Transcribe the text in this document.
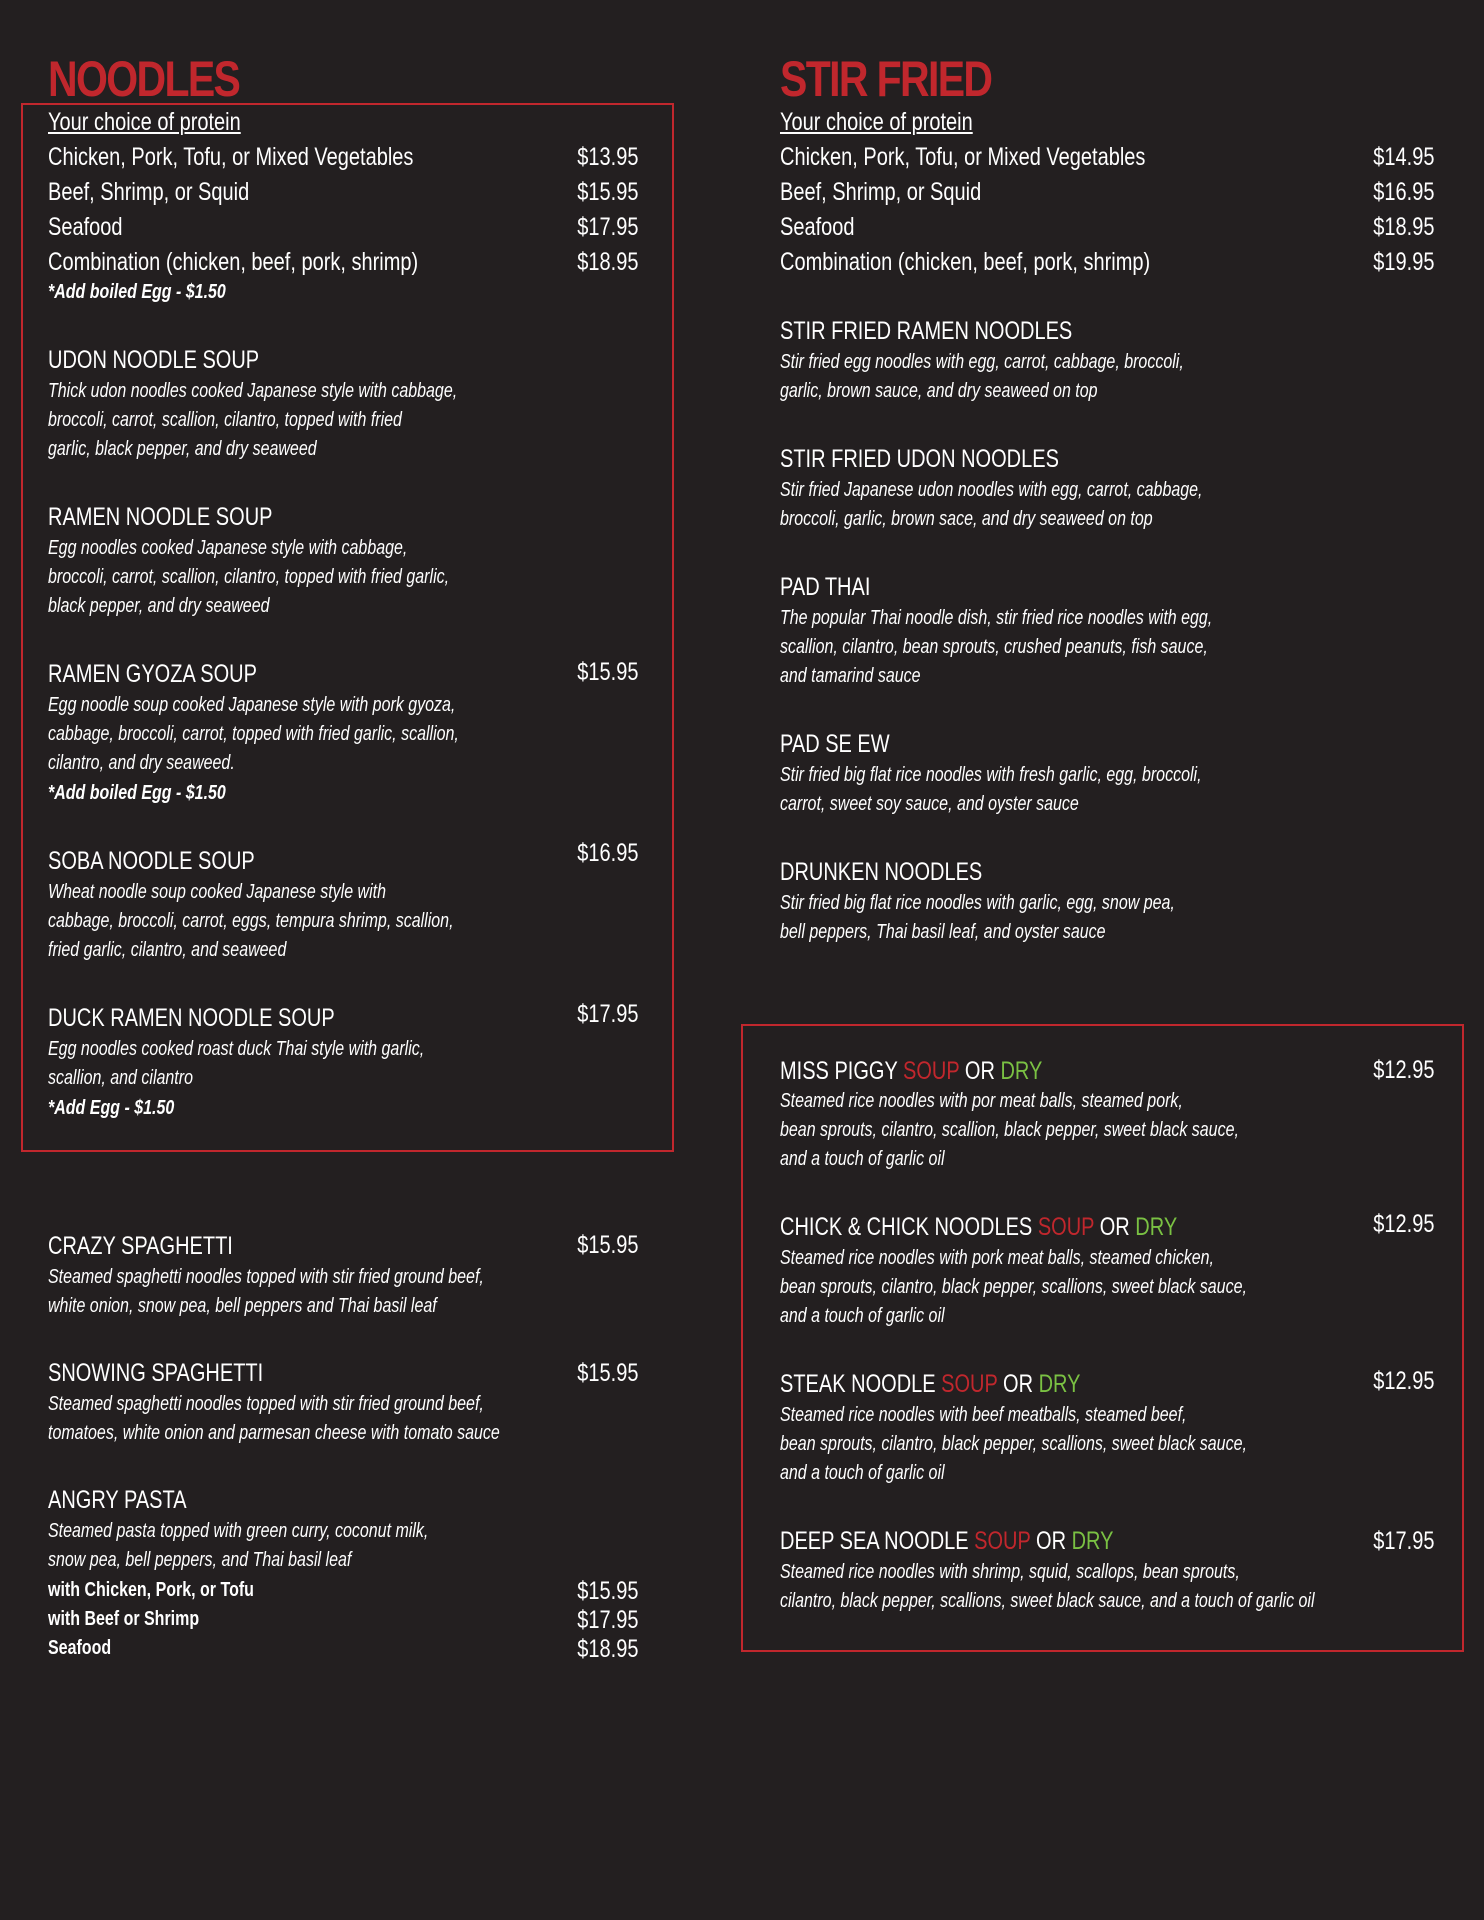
NOODLES
Your choice of protein
Chicken, Pork, Tofu, or Mixed Vegetables	$13.95
Beef, Shrimp, or Squid	$15.95
Seafood	$17.95
Combination (chicken, beef, pork, shrimp)	$18.95
*Add boiled Egg - $1.50
UDON NOODLE SOUP
Thick udon noodles cooked Japanese style with cabbage,
broccoli, carrot, scallion, cilantro, topped with fried
garlic, black pepper, and dry seaweed
RAMEN NOODLE SOUP
Egg noodles cooked Japanese style with cabbage,
broccoli, carrot, scallion, cilantro, topped with fried garlic,
black pepper, and dry seaweed
RAMEN GYOZA SOUP	$15.95
Egg noodle soup cooked Japanese style with pork gyoza,
cabbage, broccoli, carrot, topped with fried garlic, scallion,
cilantro, and dry seaweed.
*Add boiled Egg - $1.50
SOBA NOODLE SOUP	$16.95
Wheat noodle soup cooked Japanese style with
cabbage, broccoli, carrot, eggs, tempura shrimp, scallion,
fried garlic, cilantro, and seaweed
DUCK RAMEN NOODLE SOUP	$17.95
Egg noodles cooked roast duck Thai style with garlic,
scallion, and cilantro
*Add Egg - $1.50
CRAZY SPAGHETTI	$15.95
Steamed spaghetti noodles topped with stir fried ground beef,
white onion, snow pea, bell peppers and Thai basil leaf
SNOWING SPAGHETTI	$15.95
Steamed spaghetti noodles topped with stir fried ground beef,
tomatoes, white onion and parmesan cheese with tomato sauce
ANGRY PASTA
Steamed pasta topped with green curry, coconut milk,
snow pea, bell peppers, and Thai basil leaf
with Chicken, Pork, or Tofu	$15.95
with Beef or Shrimp	$17.95
Seafood	$18.95
STIR FRIED
Your choice of protein
Chicken, Pork, Tofu, or Mixed Vegetables	$14.95
Beef, Shrimp, or Squid	$16.95
Seafood	$18.95
Combination (chicken, beef, pork, shrimp)	$19.95
STIR FRIED RAMEN NOODLES
Stir fried egg noodles with egg, carrot, cabbage, broccoli,
garlic, brown sauce, and dry seaweed on top
STIR FRIED UDON NOODLES
Stir fried Japanese udon noodles with egg, carrot, cabbage,
broccoli, garlic, brown sace, and dry seaweed on top
PAD THAI
The popular Thai noodle dish, stir fried rice noodles with egg,
scallion, cilantro, bean sprouts, crushed peanuts, fish sauce,
and tamarind sauce
PAD SE EW
Stir fried big flat rice noodles with fresh garlic, egg, broccoli,
carrot, sweet soy sauce, and oyster sauce
DRUNKEN NOODLES
Stir fried big flat rice noodles with garlic, egg, snow pea,
bell peppers, Thai basil leaf, and oyster sauce
MISS PIGGY SOUP OR DRY	$12.95
Steamed rice noodles with por meat balls, steamed pork,
bean sprouts, cilantro, scallion, black pepper, sweet black sauce,
and a touch of garlic oil
CHICK & CHICK NOODLES SOUP OR DRY	$12.95
Steamed rice noodles with pork meat balls, steamed chicken,
bean sprouts, cilantro, black pepper, scallions, sweet black sauce,
and a touch of garlic oil
STEAK NOODLE SOUP OR DRY	$12.95
Steamed rice noodles with beef meatballs, steamed beef,
bean sprouts, cilantro, black pepper, scallions, sweet black sauce,
and a touch of garlic oil
DEEP SEA NOODLE SOUP OR DRY	$17.95
Steamed rice noodles with shrimp, squid, scallops, bean sprouts,
cilantro, black pepper, scallions, sweet black sauce, and a touch of garlic oil
